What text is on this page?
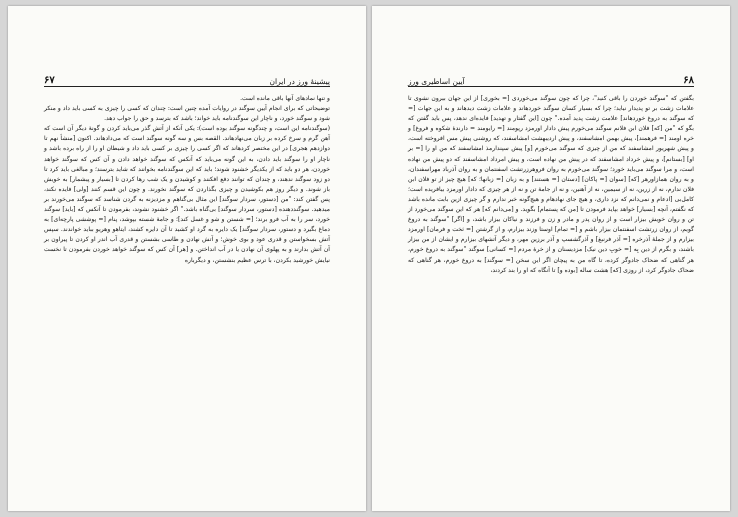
پیشینهٔ ورز در ایران
۶۷

و تنها نمادهای آنها باقی مانده است.

توضیحاتی که برای انجام آیین سوگند در روایات آمده چنین است: چندان که کسی را چیزی به کسی باید داد و منکر شود و سوگند خورد، و ناچار این سوگندنامه باید خواند؛ باشد که بترسد و حق را جواب دهد.

(سوگندنامه این است، و چندگونه سوگند بوده است): یکی آنکه از آتش گذر می‌باید کردن و گونهٔ دیگر آن است که آهن گرم و سرخ کرده بر زبان می‌نهادهاند. القصه بس و سه گونه سوگند است که می‌دادهاند. اکنون [منشأ نهم تا دوازدهم هجری] در این مختصر کردهاند که اگر کسی را چیزی بر کسی باید داد و شیطان او را از راه برده باشد و ناچار او را سوگند باید دادن، به این گونه می‌باید که آنکس که سوگند خواهد دادن و آن کس که سوگند خواهد خوردن، هر دو باید که از یکدیگر خشنود شوند؛ باید که این سوگندنامه بخوانند که شاید بترسند؛ و مبالغی باید کرد تا دو زود سوگند ندهند، و چندان که توانند دفع افکنند و کوشیدن و یک شب رها کردن تا [بسیار و پیشمار] به خویش باز شوند. و دیگر روز هم بکوشیدن و چیزی بگذاردن که سوگند نخورند. و چون این قسم کنند [ولی] فایده نکند، پس گفتن کند: "من [دستور، سردار سوگند] این مثال بی‌گناهم و مزدیزنه به گردن شناسد که سوگند می‌خورند بر میدهید. سوگنددهنده [دستور، سردار سوگند] بی‌گناه باشد." اگر خشنود نشوند، بفرمودن تا آنکس که [باید] سوگند خورد، سر را به آب فرو برند؛ [= شستن و شو و غسل کند]؛ و جامهٔ شسته بپوشد، پنام [= پوششی پارچه‌ای] به دماغ بگیرد و دستور، سردار سوگند] یک دایره به گرد او کشید تا آن دایره کشند، ایتاهو وهریو بباید خواندند. سپس آتش بسخواستن و قدری عود و بوی خوش؛ و آتش نهادن و طاسی بشستن و قدری آب اندر او کردن تا پیراون بر آن آتش بدارند و به پهلوی آن نهادن یا در آب انداختن. و [هر] آن کس که سوگند خواهد خوردن بفرمودن تا نخست نیایش خورشید بکردن، با ترس عظیم بنشستن، و دیگرباره

۶۸
آیین اساطیری ورز

بگفتن که "سوگند خوردن را باقی کنید"، چرا که چون سوگند می‌خوردی [= بخوری] از این جهان بیرون نشوی تا علامات زشت بر تو پدیدار نیاید؛ چرا که بسیار کسان سوگند خوردهاند و علامات زشت دیدهاند و به این جهات [= که سوگند به دروغ خوردهاند] علامت زشت پدید آمده." چون [این گفتار و تهدید] فایده‌ای ندهد، پس باید گفتن که بگو که "من [که] فلان ابن فلانم سوگند می‌خورم پیش دادار اورمزد رپومند [= رایومند = دارندهٔ شکوه و فروغ] و خره اومند [= فرهمند]، پیش بهمن امشاسفند، و پیش اردیبهشت امشاسفند، که روشنی پیش مس افروخته است، و پیش شهریور امشاسفند که من از چیزی که سوگند می‌خورم [و] پیش سپندارمذ امشاسفند که من او را [= بر او] [بستانم]، و پیش خرداد امشاسفند که در پیش من نهاده است، و پیش امرداد امشاسفند که دو پیش من نهاده است، و مرا سوگند می‌باید خورد؛ سوگند می‌خورم به روان فروهرزرتشت اسفنتمان و به روان آذرباد مهراسفندان، و به روان همازاورهر [که] [سوان [= پاکان] [دستان [= هستند] و به زبان [= زبانها؛ که] هیچ چیز از تو فلان ابن فلان ندارم، نه از زرین، نه از سیمین، نه از آهنین، و نه از جامهٔ تن و نه از هر چیزی که دادار اورمزد بیافریده است؛ کامل‌بی [ادعام و نمی‌دانم که نزد داری، و هیچ جای نهادهام و هیچ‌گونه خبر ندارم و گر چیزی ازین بابت مانده باشد که نگفتم، آنچه [بسیار] خواهد بپاید فرمودن تا [من که پستمام] بگوید. و [می‌دانم که] هر که این سوگند می‌خورد از تن و روان خویش بیزار است و از روان پدر و مادر و زن و فرزند و نیاکان بیزار باشد، و [اگر] "سوگند به دروغ گویم، از روان زرتشت اسفنتمان بیزار باشم و [= تمام] اوستا وزند بیزارم، و از گرشتن [= ثخت و فرمان] اورمزد بیزارم و از جملهٔ آذرخره [= آذر فرنبغ] و آذرگشسپ و آذر برزین مهر، و دیگر آتشهای بیزارم و ایشان از من بیزار باشند، و بگرم از دین بِه [= خوبِ دین نیک] مزدیسنان و از خرهٔ مردم [= کسانی] سوگند "سوگند به دروغ خورم، هر گناهی که ضحاک جادوگر کرده، تا گاه من به پیچان اگر این سخن [= سوگند] به دروغ خورم، هر گناهی که ضحاک جادوگر کرد، از روزی [که] هشت ساله [بوده و] تا آنگاه که او را بند کردند،
